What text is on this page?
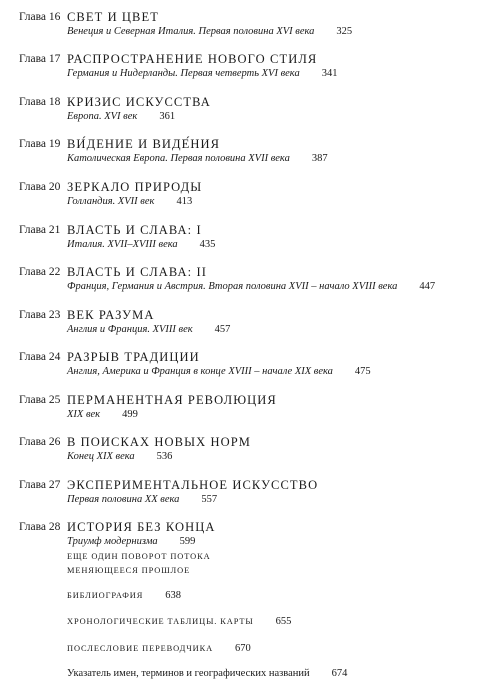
Глава 16 СВЕТ И ЦВЕТ
Венеция и Северная Италия. Первая половина XVI века 325
Глава 17 РАСПРОСТРАНЕНИЕ НОВОГО СТИЛЯ
Германия и Нидерланды. Первая четверть XVI века 341
Глава 18 КРИЗИС ИСКУССТВА
Европа. XVI век 361
Глава 19 ВИ́ДЕНИЕ И ВИДЕ́НИЯ
Католическая Европа. Первая половина XVII века 387
Глава 20 ЗЕРКАЛО ПРИРОДЫ
Голландия. XVII век 413
Глава 21 ВЛАСТЬ И СЛАВА: I
Италия. XVII–XVIII века 435
Глава 22 ВЛАСТЬ И СЛАВА: II
Франция, Германия и Австрия. Вторая половина XVII – начало XVIII века 447
Глава 23 ВЕК РАЗУМА
Англия и Франция. XVIII век 457
Глава 24 РАЗРЫВ ТРАДИЦИИ
Англия, Америка и Франция в конце XVIII – начале XIX века 475
Глава 25 ПЕРМАНЕНТНАЯ РЕВОЛЮЦИЯ
XIX век 499
Глава 26 В ПОИСКАХ НОВЫХ НОРМ
Конец XIX века 536
Глава 27 ЭКСПЕРИМЕНТАЛЬНОЕ ИСКУССТВО
Первая половина XX века 557
Глава 28 ИСТОРИЯ БЕЗ КОНЦА
Триумф модернизма 599
ЕЩЕ ОДИН ПОВОРОТ ПОТОКА
МЕНЯЮЩЕЕСЯ ПРОШЛОЕ
БИБЛИОГРАФИЯ 638
ХРОНОЛОГИЧЕСКИЕ ТАБЛИЦЫ. КАРТЫ 655
ПОСЛЕСЛОВИЕ ПЕРЕВОДЧИКА 670
Указатель имен, терминов и географических названий 674
